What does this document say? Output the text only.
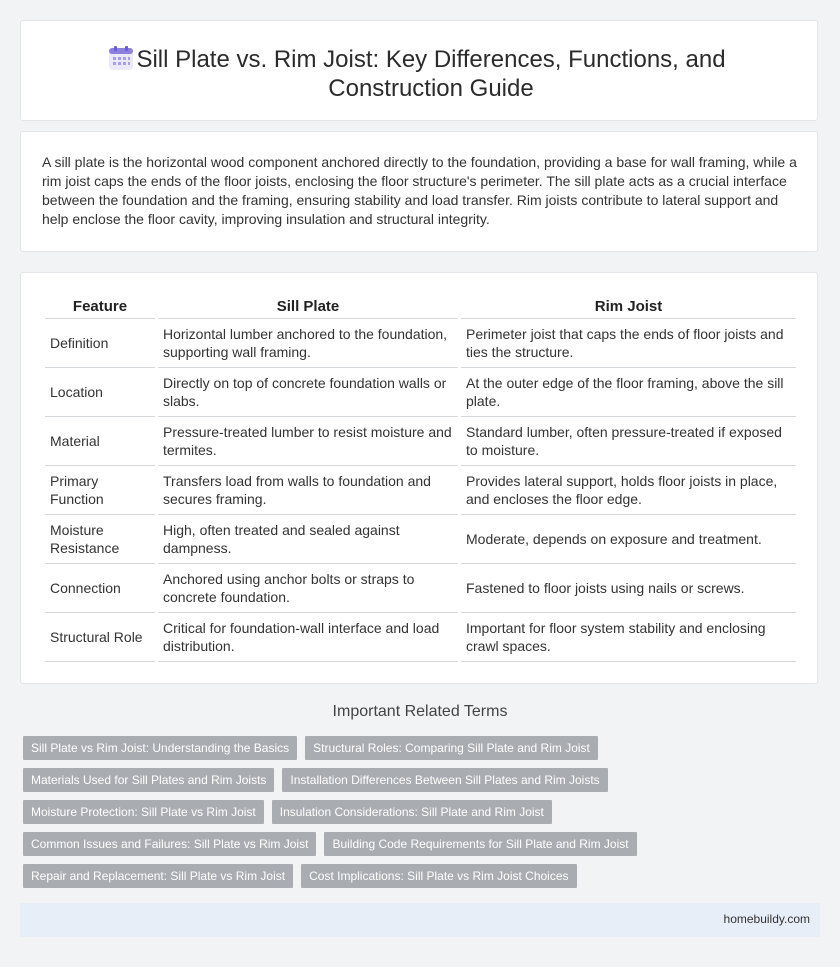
Sill Plate vs. Rim Joist: Key Differences, Functions, and Construction Guide
A sill plate is the horizontal wood component anchored directly to the foundation, providing a base for wall framing, while a rim joist caps the ends of the floor joists, enclosing the floor structure's perimeter. The sill plate acts as a crucial interface between the foundation and the framing, ensuring stability and load transfer. Rim joists contribute to lateral support and help enclose the floor cavity, improving insulation and structural integrity.
Feature	Sill Plate	Rim Joist
Definition	Horizontal lumber anchored to the foundation, supporting wall framing.	Perimeter joist that caps the ends of floor joists and ties the structure.
Location	Directly on top of concrete foundation walls or slabs.	At the outer edge of the floor framing, above the sill plate.
Material	Pressure-treated lumber to resist moisture and termites.	Standard lumber, often pressure-treated if exposed to moisture.
Primary Function	Transfers load from walls to foundation and secures framing.	Provides lateral support, holds floor joists in place, and encloses the floor edge.
Moisture Resistance	High, often treated and sealed against dampness.	Moderate, depends on exposure and treatment.
Connection	Anchored using anchor bolts or straps to concrete foundation.	Fastened to floor joists using nails or screws.
Structural Role	Critical for foundation-wall interface and load distribution.	Important for floor system stability and enclosing crawl spaces.
Important Related Terms
Sill Plate vs Rim Joist: Understanding the Basics	Structural Roles: Comparing Sill Plate and Rim Joist
Materials Used for Sill Plates and Rim Joists	Installation Differences Between Sill Plates and Rim Joists
Moisture Protection: Sill Plate vs Rim Joist	Insulation Considerations: Sill Plate and Rim Joist
Common Issues and Failures: Sill Plate vs Rim Joist	Building Code Requirements for Sill Plate and Rim Joist
Repair and Replacement: Sill Plate vs Rim Joist	Cost Implications: Sill Plate vs Rim Joist Choices
homebuildy.com
